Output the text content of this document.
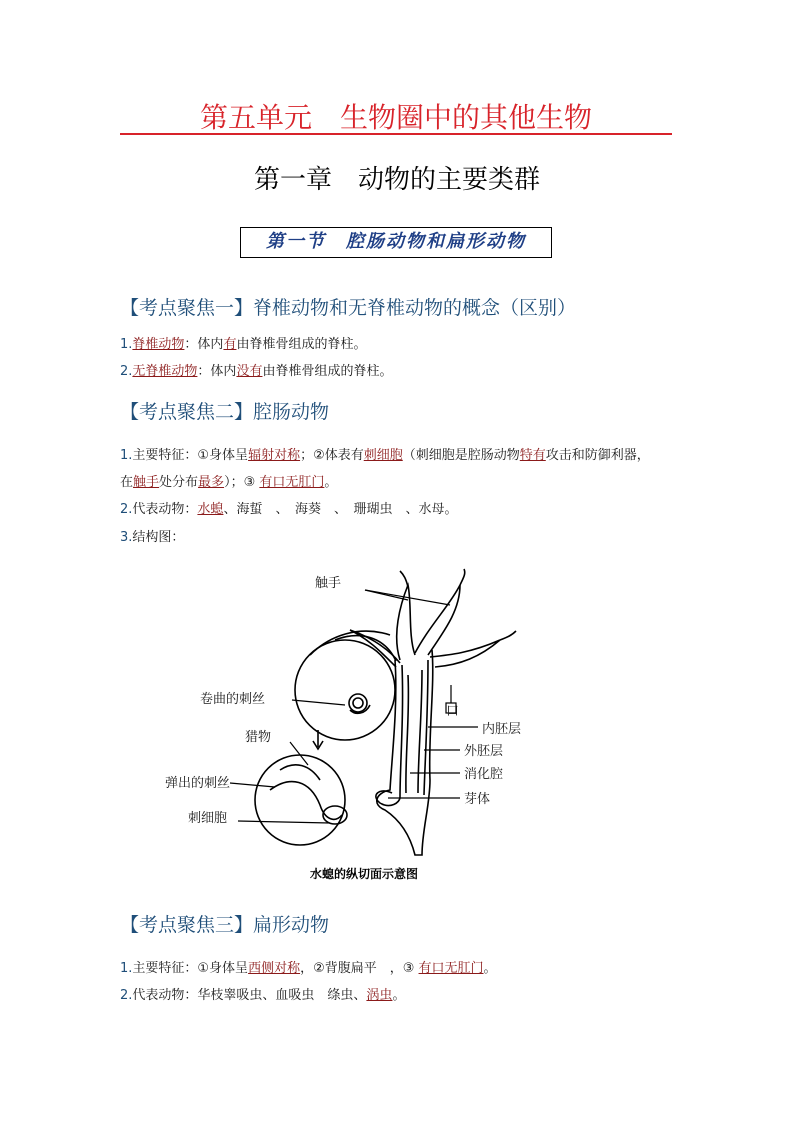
第五单元　生物圈中的其他生物
第一章　动物的主要类群
第一节　腔肠动物和扁形动物
【考点聚焦一】脊椎动物和无脊椎动物的概念（区别）
1.脊椎动物：体内有由脊椎骨组成的脊柱。
2.无脊椎动物：体内没有由脊椎骨组成的脊柱。
【考点聚焦二】腔肠动物
1.主要特征：①身体呈辐射对称；②体表有刺细胞（刺细胞是腔肠动物特有攻击和防御利器，
在触手处分布最多）；③ 有口无肛门。
2.代表动物：水螅、海蜇　、　海葵　、　珊瑚虫　、水母。
3.结构图：
触手
卷曲的刺丝
猎物
弹出的刺丝
刺细胞
口
内胚层
外胚层
消化腔
芽体
水螅的纵切面示意图
【考点聚焦三】扁形动物
1.主要特征：①身体呈西侧对称，②背腹扁平　，③ 有口无肛门。
2.代表动物：华枝睾吸虫、血吸虫　绦虫、涡虫。
